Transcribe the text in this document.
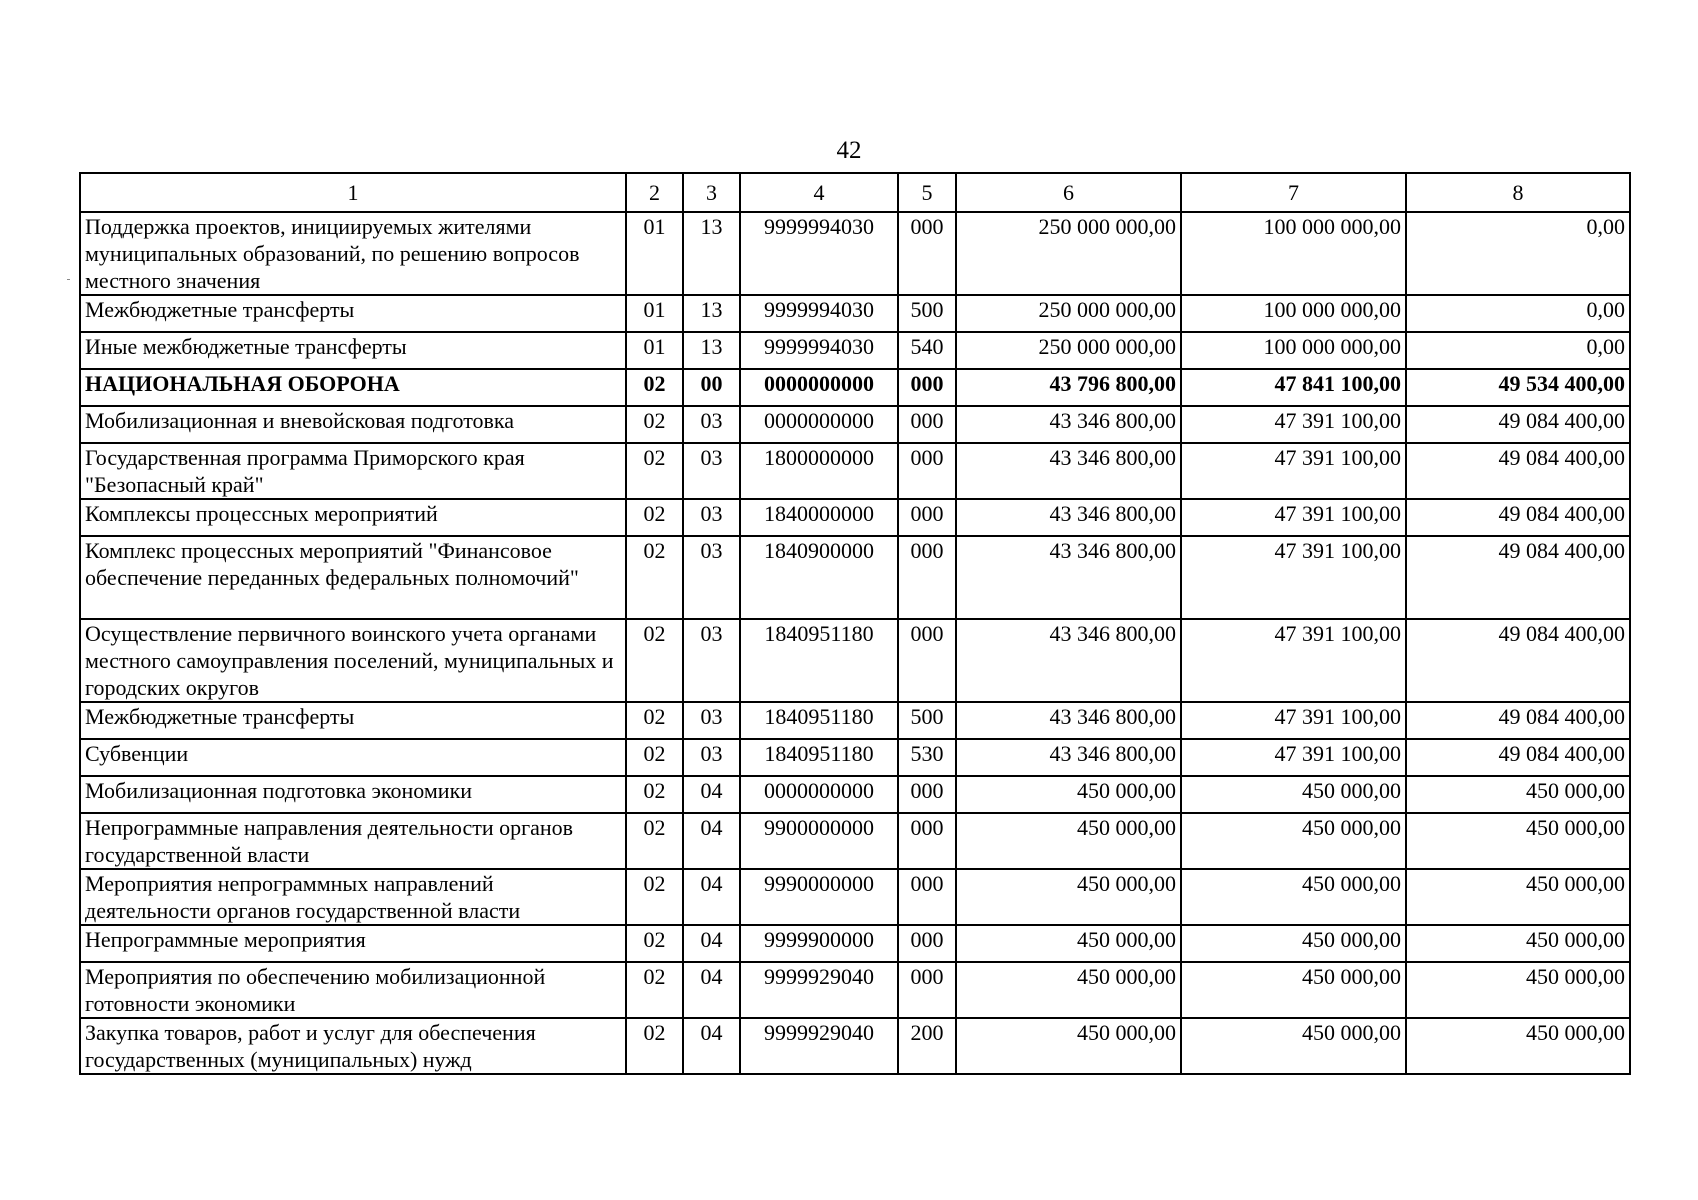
42
1	2	3	4	5	6	7	8
Поддержка проектов, инициируемых жителями муниципальных образований, по решению вопросов местного значения	01	13	9999994030	000	250 000 000,00	100 000 000,00	0,00
Межбюджетные трансферты	01	13	9999994030	500	250 000 000,00	100 000 000,00	0,00
Иные межбюджетные трансферты	01	13	9999994030	540	250 000 000,00	100 000 000,00	0,00
НАЦИОНАЛЬНАЯ ОБОРОНА	02	00	0000000000	000	43 796 800,00	47 841 100,00	49 534 400,00
Мобилизационная и вневойсковая подготовка	02	03	0000000000	000	43 346 800,00	47 391 100,00	49 084 400,00
Государственная программа Приморского края "Безопасный край"	02	03	1800000000	000	43 346 800,00	47 391 100,00	49 084 400,00
Комплексы процессных мероприятий	02	03	1840000000	000	43 346 800,00	47 391 100,00	49 084 400,00
Комплекс процессных мероприятий "Финансовое обеспечение переданных федеральных полномочий"	02	03	1840900000	000	43 346 800,00	47 391 100,00	49 084 400,00
Осуществление первичного воинского учета органами местного самоуправления поселений, муниципальных и городских округов	02	03	1840951180	000	43 346 800,00	47 391 100,00	49 084 400,00
Межбюджетные трансферты	02	03	1840951180	500	43 346 800,00	47 391 100,00	49 084 400,00
Субвенции	02	03	1840951180	530	43 346 800,00	47 391 100,00	49 084 400,00
Мобилизационная подготовка экономики	02	04	0000000000	000	450 000,00	450 000,00	450 000,00
Непрограммные направления деятельности органов государственной власти	02	04	9900000000	000	450 000,00	450 000,00	450 000,00
Мероприятия непрограммных направлений деятельности органов государственной власти	02	04	9990000000	000	450 000,00	450 000,00	450 000,00
Непрограммные мероприятия	02	04	9999900000	000	450 000,00	450 000,00	450 000,00
Мероприятия по обеспечению мобилизационной готовности экономики	02	04	9999929040	000	450 000,00	450 000,00	450 000,00
Закупка товаров, работ и услуг для обеспечения государственных (муниципальных) нужд	02	04	9999929040	200	450 000,00	450 000,00	450 000,00
